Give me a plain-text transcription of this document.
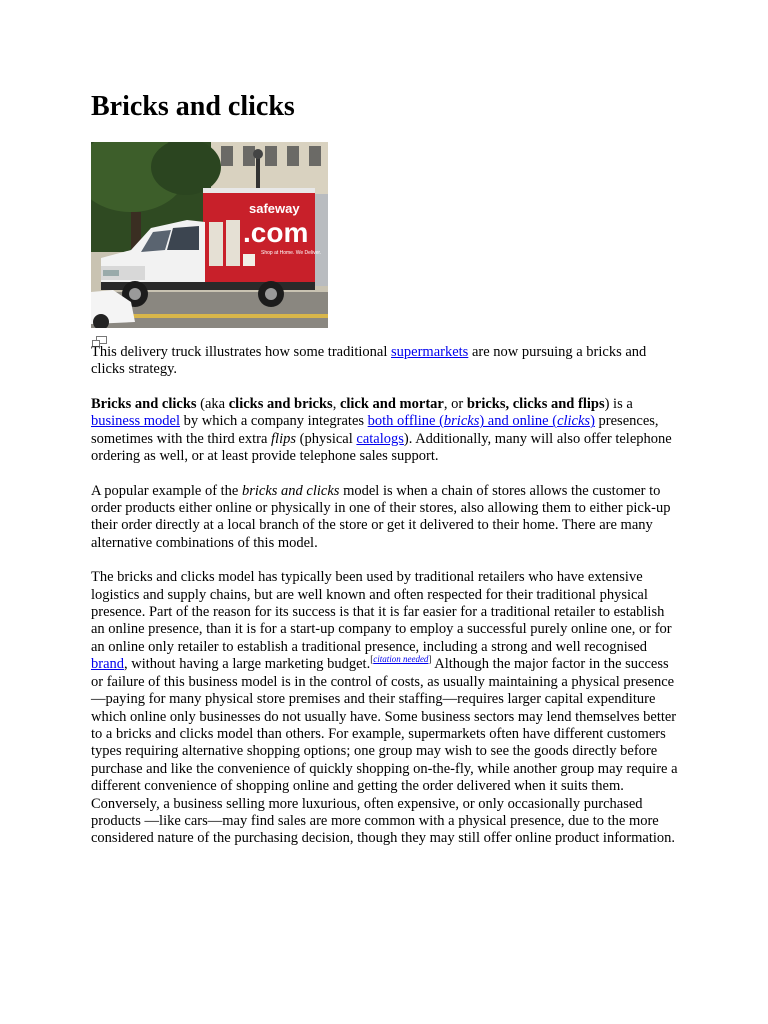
Bricks and clicks
safeway
.com
Shop at Home. We Deliver.

This delivery truck illustrates how some traditional supermarkets are now pursuing a bricks and clicks strategy.

Bricks and clicks (aka clicks and bricks, click and mortar, or bricks, clicks and flips) is a business model by which a company integrates both offline (bricks) and online (clicks) presences, sometimes with the third extra flips (physical catalogs). Additionally, many will also offer telephone ordering as well, or at least provide telephone sales support.

A popular example of the bricks and clicks model is when a chain of stores allows the customer to order products either online or physically in one of their stores, also allowing them to either pick-up their order directly at a local branch of the store or get it delivered to their home. There are many alternative combinations of this model.

The bricks and clicks model has typically been used by traditional retailers who have extensive logistics and supply chains, but are well known and often respected for their traditional physical presence. Part of the reason for its success is that it is far easier for a traditional retailer to establish an online presence, than it is for a start-up company to employ a successful purely online one, or for an online only retailer to establish a traditional presence, including a strong and well recognised brand, without having a large marketing budget.[citation needed] Although the major factor in the success or failure of this business model is in the control of costs, as usually maintaining a physical presence —paying for many physical store premises and their staffing—requires larger capital expenditure which online only businesses do not usually have. Some business sectors may lend themselves better to a bricks and clicks model than others. For example, supermarkets often have different customers types requiring alternative shopping options; one group may wish to see the goods directly before purchase and like the convenience of quickly shopping on-the-fly, while another group may require a different convenience of shopping online and getting the order delivered when it suits them. Conversely, a business selling more luxurious, often expensive, or only occasionally purchased products —like cars—may find sales are more common with a physical presence, due to the more considered nature of the purchasing decision, though they may still offer online product information.
